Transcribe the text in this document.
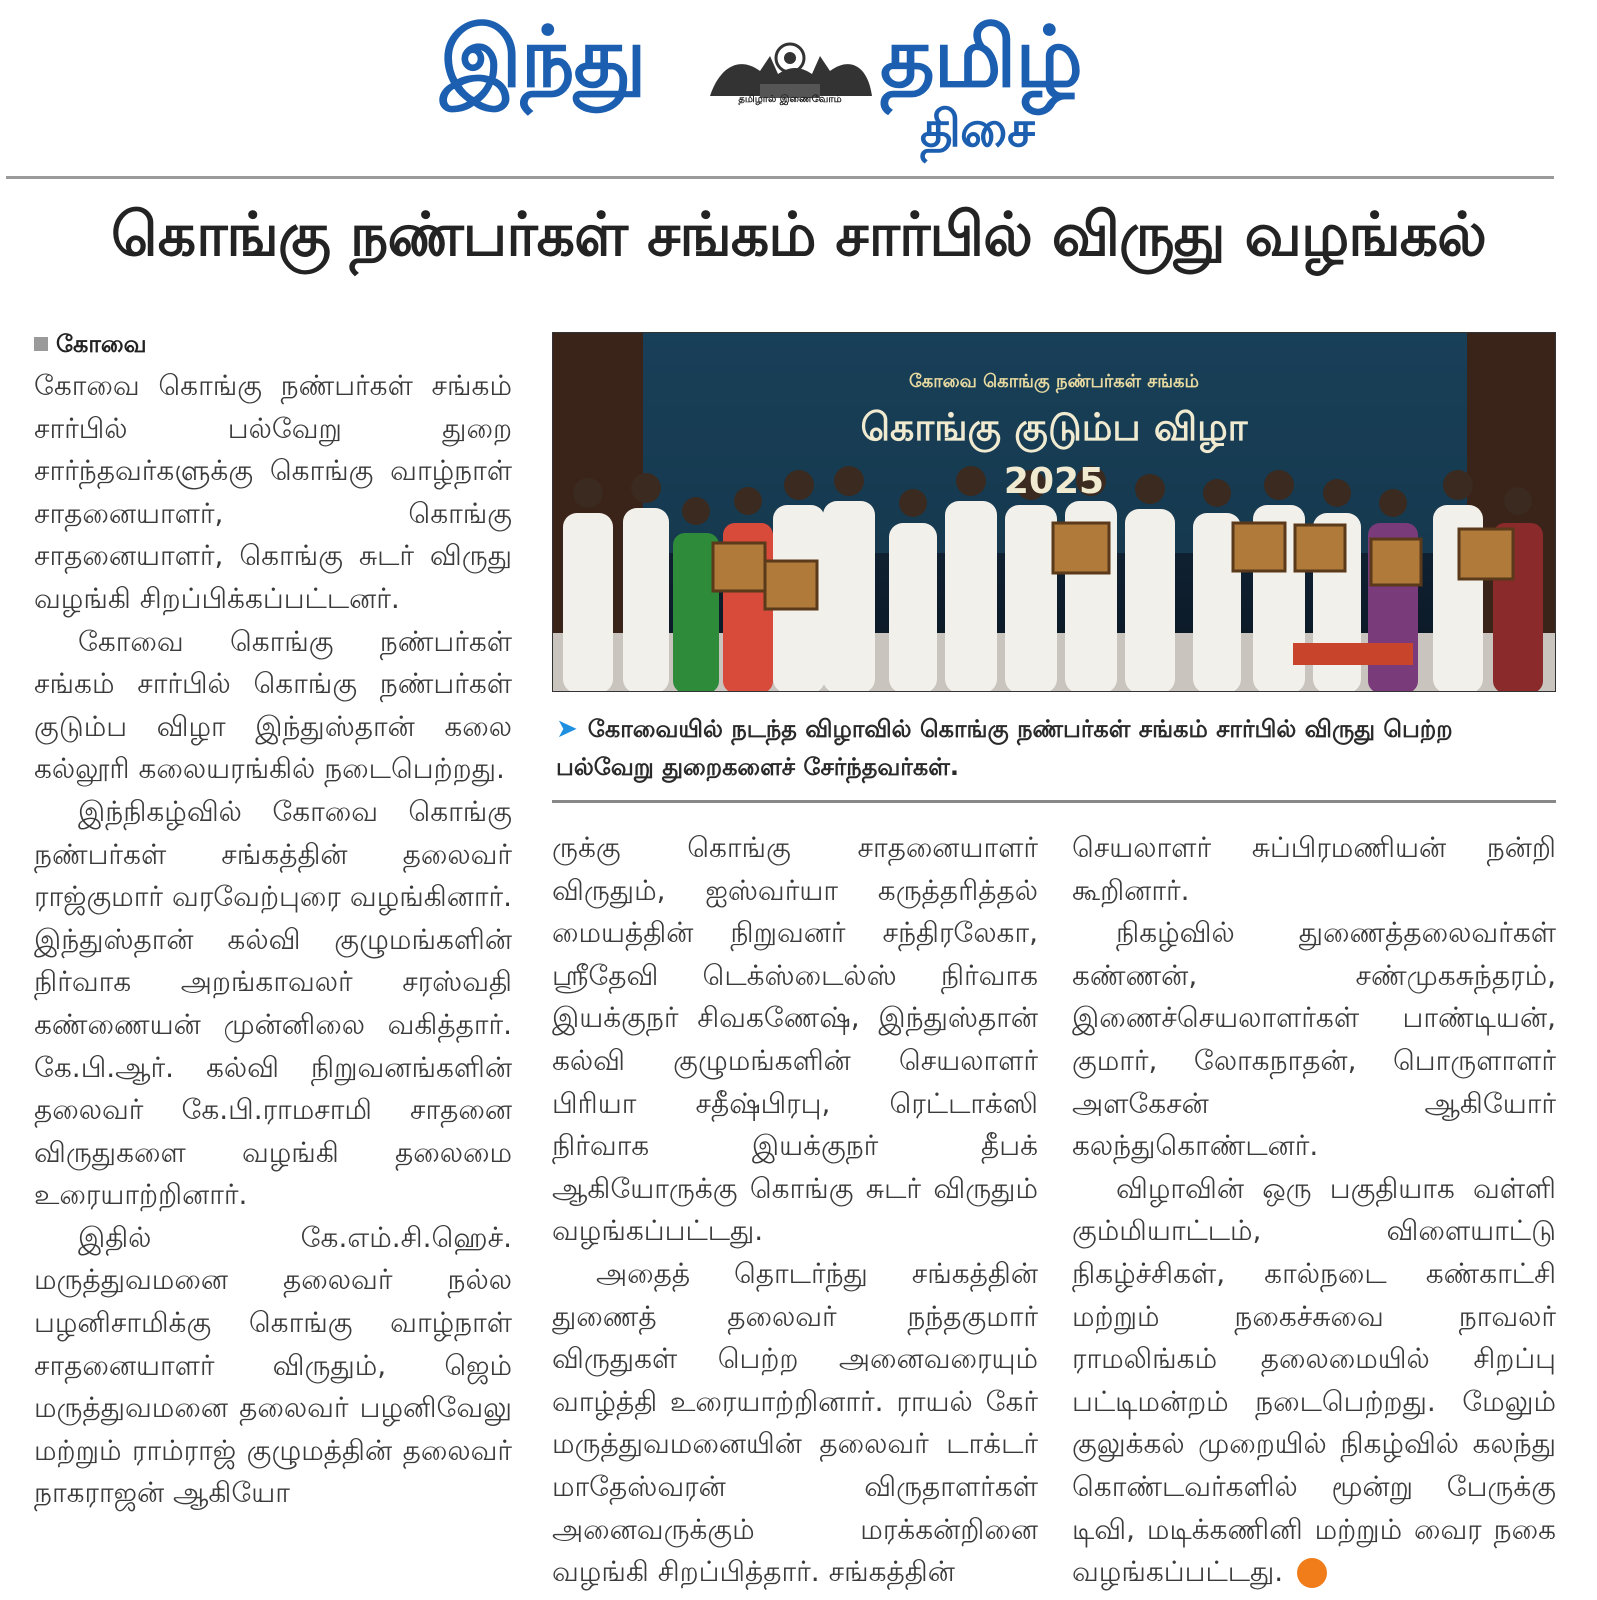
இந்து	தமிழால் இணைவோம் தமிழ்
திசை
கொங்கு நண்பர்கள் சங்கம் சார்பில் விருது வழங்கல்
கோவை

கோவை கொங்கு நண்பர்கள் சங்கம் சார்பில் பல்வேறு துறை சார்ந்தவர்களுக்கு கொங்கு வாழ்நாள் சாதனையாளர், கொங்கு சாதனையாளர், கொங்கு சுடர் விருது வழங்கி சிறப்பிக்கப்பட்டனர்.

கோவை கொங்கு நண்பர்கள் சங்கம் சார்பில் கொங்கு நண்பர்கள் குடும்ப விழா இந்துஸ்தான் கலை கல்லூரி கலையரங்கில் நடைபெற்றது.

இந்நிகழ்வில் கோவை கொங்கு நண்பர்கள் சங்கத்தின் தலைவர் ராஜ்குமார் வரவேற்புரை வழங்கினார். இந்துஸ்தான் கல்வி குழுமங்களின் நிர்வாக அறங்காவலர் சரஸ்வதி கண்ணையன் முன்னிலை வகித்தார். கே.பி.ஆர். கல்வி நிறுவனங்களின் தலைவர் கே.பி.ராமசாமி சாதனை விருதுகளை வழங்கி தலைமை உரையாற்றினார்.

இதில் கே.எம்.சி.ஹெச். மருத்துவமனை தலைவர் நல்ல பழனிசாமிக்கு கொங்கு வாழ்நாள் சாதனையாளர் விருதும், ஜெம் மருத்துவமனை தலைவர் பழனிவேலு மற்றும் ராம்ராஜ் குழுமத்தின் தலைவர் நாகராஜன் ஆகியோ

கோவை கொங்கு நண்பர்கள் சங்கம்
கொங்கு குடும்ப விழா
2025
➤ கோவையில் நடந்த விழாவில் கொங்கு நண்பர்கள் சங்கம் சார்பில் விருது பெற்ற பல்வேறு துறைகளைச் சேர்ந்தவர்கள்.

ருக்கு கொங்கு சாதனையாளர் விருதும், ஐஸ்வர்யா கருத்தரித்தல் மையத்தின் நிறுவனர் சந்திரலேகா, ஸ்ரீதேவி டெக்ஸ்டைல்ஸ் நிர்வாக இயக்குநர் சிவகணேஷ், இந்துஸ்தான் கல்வி குழுமங்களின் செயலாளர் பிரியா சதீஷ்பிரபு, ரெட்டாக்ஸி நிர்வாக இயக்குநர் தீபக் ஆகியோருக்கு கொங்கு சுடர் விருதும் வழங்கப்பட்டது.

அதைத் தொடர்ந்து சங்கத்தின் துணைத் தலைவர் நந்தகுமார் விருதுகள் பெற்ற அனைவரையும் வாழ்த்தி உரையாற்றினார். ராயல் கேர் மருத்துவமனையின் தலைவர் டாக்டர் மாதேஸ்வரன் விருதாளர்கள் அனைவருக்கும் மரக்கன்றினை வழங்கி சிறப்பித்தார். சங்கத்தின்

செயலாளர் சுப்பிரமணியன் நன்றி கூறினார்.

நிகழ்வில் துணைத்தலைவர்கள் கண்ணன், சண்முகசுந்தரம், இணைச்செயலாளர்கள் பாண்டியன், குமார், லோகநாதன், பொருளாளர் அளகேசன் ஆகியோர் கலந்துகொண்டனர்.

விழாவின் ஒரு பகுதியாக வள்ளி கும்மியாட்டம், விளையாட்டு நிகழ்ச்சிகள், கால்நடை கண்காட்சி மற்றும் நகைச்சுவை நாவலர் ராமலிங்கம் தலைமையில் சிறப்பு பட்டிமன்றம் நடைபெற்றது. மேலும் குலுக்கல் முறையில் நிகழ்வில் கலந்து கொண்டவர்களில் மூன்று பேருக்கு டிவி, மடிக்கணினி மற்றும் வைர நகை வழங்கப்பட்டது.
